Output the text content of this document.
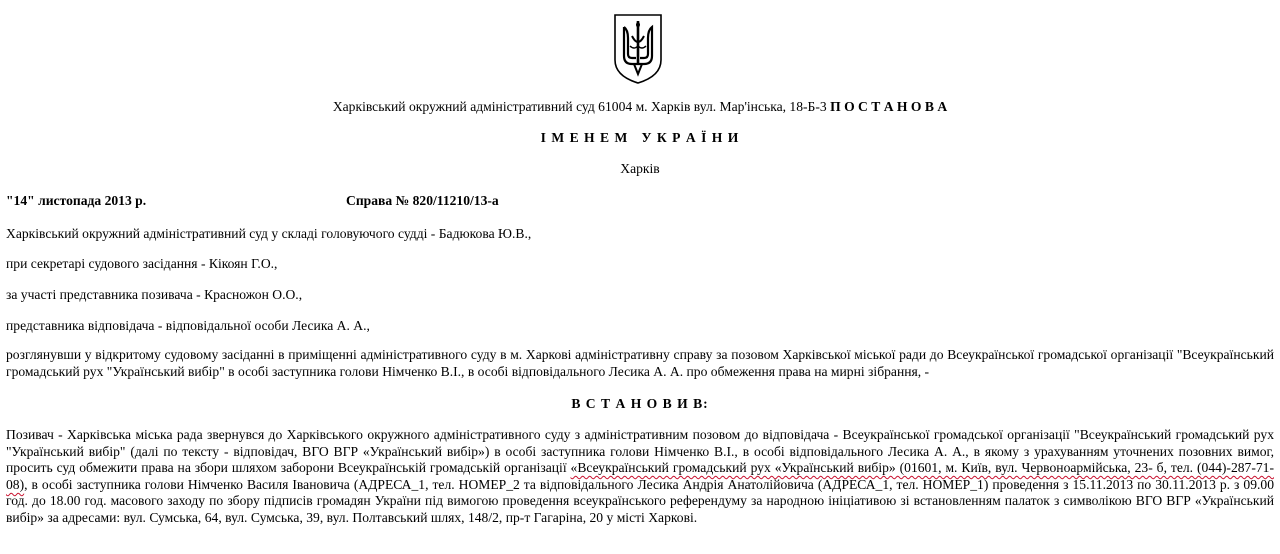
Харківський окружний адміністративний суд 61004 м. Харків вул. Мар'інська, 18-Б-3 П О С Т А Н О В А
І М Е Н Е М   У К Р А Ї Н И
Харків
"14" листопада 2013 р.	Справа № 820/11210/13-а
Харківський окружний адміністративний суд у складі головуючого судді - Бадюкова Ю.В.,
при секретарі судового засідання - Кікоян Г.О.,
за участі представника позивача - Красножон О.О.,
представника відповідача - відповідальної особи Лесика А. А.,

розглянувши у відкритому судовому засіданні в приміщенні адміністративного суду в м. Харкові адміністративну справу за позовом Харківської міської ради до Всеукраїнської громадської організації "Всеукраїнський громадський рух "Український вибір" в особі заступника голови Німченко В.І., в особі відповідального Лесика А. А. про обмеження права на мирні зібрання, -

В С Т А Н О В И В:

Позивач - Харківська міська рада звернувся до Харківського окружного адміністративного суду з адміністративним позовом до відповідача - Всеукраїнської громадської організації "Всеукраїнський громадський рух "Український вибір" (далі по тексту - відповідач, ВГО ВГР «Український вибір») в особі заступника голови Німченко В.І., в особі відповідального Лесика А. А., в якому з урахуванням уточнених позовних вимог, просить суд обмежити права на збори шляхом заборони Всеукраїнській громадській організації «Всеукраїнський громадський рух «Український вибір» (01601, м. Київ, вул. Червоноармійська, 23- б, тел. (044)-287-71-08), в особі заступника голови Німченко Василя Івановича (АДРЕСА_1, тел. НОМЕР_2 та відповідального Лесика Андрія Анатолійовича (АДРЕСА_1, тел. НОМЕР_1) проведення з 15.11.2013 по 30.11.2013 р. з 09.00 год. до 18.00 год. масового заходу по збору підписів громадян України під вимогою проведення всеукраїнського референдуму за народною ініціативою зі встановленням палаток з символікою ВГО ВГР «Український вибір» за адресами: вул. Сумська, 64, вул. Сумська, 39, вул. Полтавський шлях, 148/2, пр-т Гагаріна, 20 у місті Харкові.
